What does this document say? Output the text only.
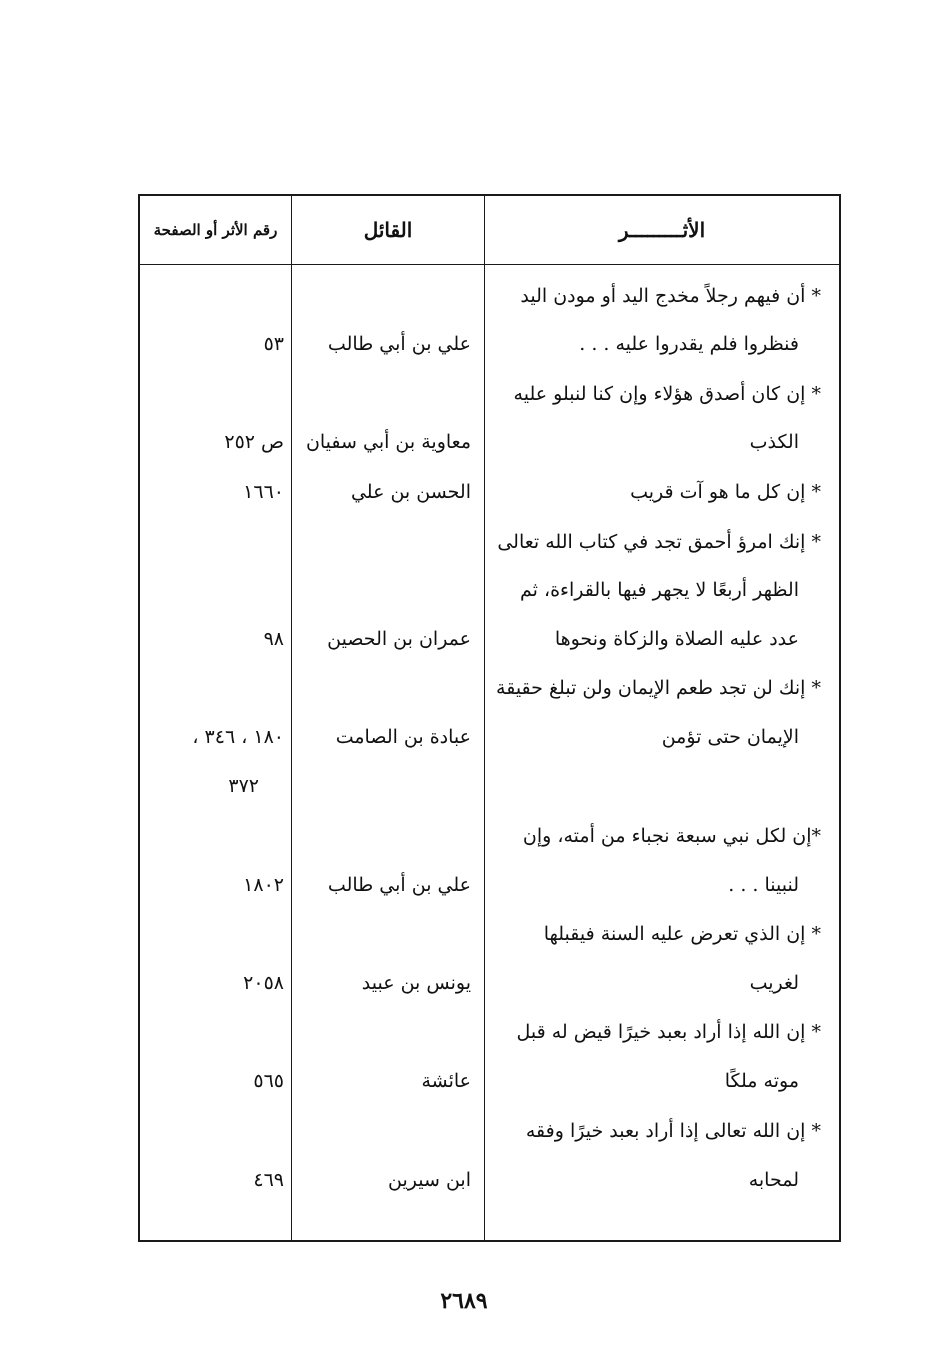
الأثـــــــــر
القائل
رقم الأثر أو الصفحة
* أن فيهم رجلاً مخدج اليد أو مودن اليد
فنظروا فلم يقدروا عليه . . .
علي بن أبي طالب
٥٣
* إن كان أصدق هؤلاء وإن كنا لنبلو عليه
الكذب
معاوية بن أبي سفيان
ص ٢٥٢
* إن كل ما هو آت قريب
الحسن بن علي
١٦٦٠
* إنك امرؤ أحمق تجد في كتاب الله تعالى
الظهر أربعًا لا يجهر فيها بالقراءة، ثم
عدد عليه الصلاة والزكاة ونحوها
عمران بن الحصين
٩٨
* إنك لن تجد طعم الإيمان ولن تبلغ حقيقة
الإيمان حتى تؤمن
عبادة بن الصامت
١٨٠ ، ٣٤٦ ،
٣٧٢
*إن لكل نبي سبعة نجباء من أمته، وإن
لنبينا . . .
علي بن أبي طالب
١٨٠٢
* إن الذي تعرض عليه السنة فيقبلها
لغريب
يونس بن عبيد
٢٠٥٨
* إن الله إذا أراد بعبد خيرًا قيض له قبل
موته ملكًا
عائشة
٥٦٥
* إن الله تعالى إذا أراد بعبد خيرًا وفقه
لمحابه
ابن سيرين
٤٦٩
٢٦٨٩
